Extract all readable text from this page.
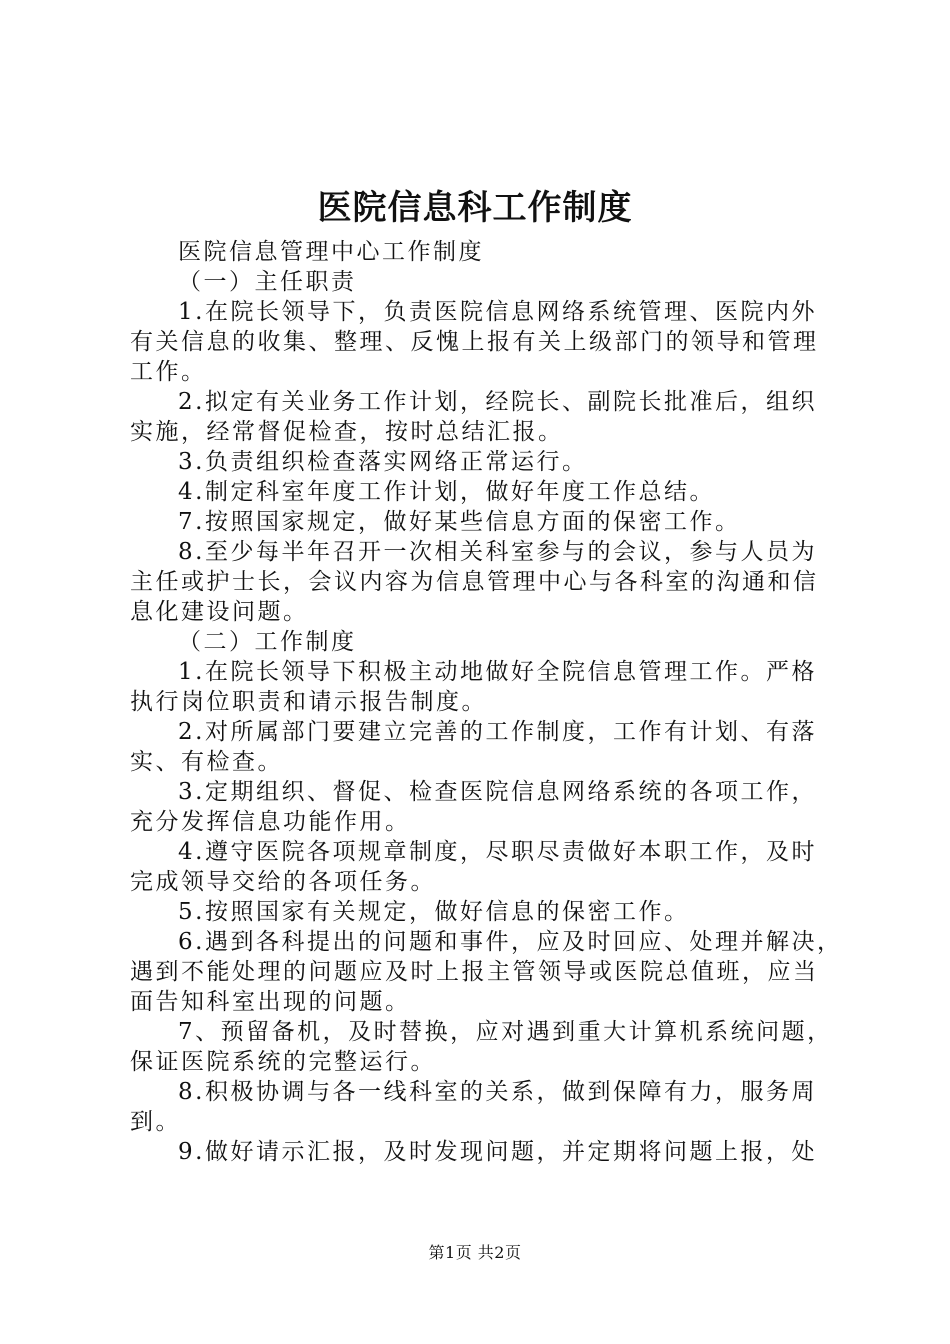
医院信息科工作制度
医院信息管理中心工作制度
（一）主任职责
1.在院长领导下，负责医院信息网络系统管理、医院内外
有关信息的收集、整理、反愧上报有关上级部门的领导和管理
工作。
2.拟定有关业务工作计划，经院长、副院长批准后，组织
实施，经常督促检查，按时总结汇报。
3.负责组织检查落实网络正常运行。
4.制定科室年度工作计划，做好年度工作总结。
7.按照国家规定，做好某些信息方面的保密工作。
8.至少每半年召开一次相关科室参与的会议，参与人员为
主任或护士长，会议内容为信息管理中心与各科室的沟通和信
息化建设问题。
（二）工作制度
1.在院长领导下积极主动地做好全院信息管理工作。严格
执行岗位职责和请示报告制度。
2.对所属部门要建立完善的工作制度，工作有计划、有落
实、有检查。
3.定期组织、督促、检查医院信息网络系统的各项工作，
充分发挥信息功能作用。
4.遵守医院各项规章制度，尽职尽责做好本职工作，及时
完成领导交给的各项任务。
5.按照国家有关规定，做好信息的保密工作。
6.遇到各科提出的问题和事件，应及时回应、处理并解决，
遇到不能处理的问题应及时上报主管领导或医院总值班，应当
面告知科室出现的问题。
7、预留备机，及时替换，应对遇到重大计算机系统问题，
保证医院系统的完整运行。
8.积极协调与各一线科室的关系，做到保障有力，服务周
到。
9.做好请示汇报，及时发现问题，并定期将问题上报，处
第1页 共2页
